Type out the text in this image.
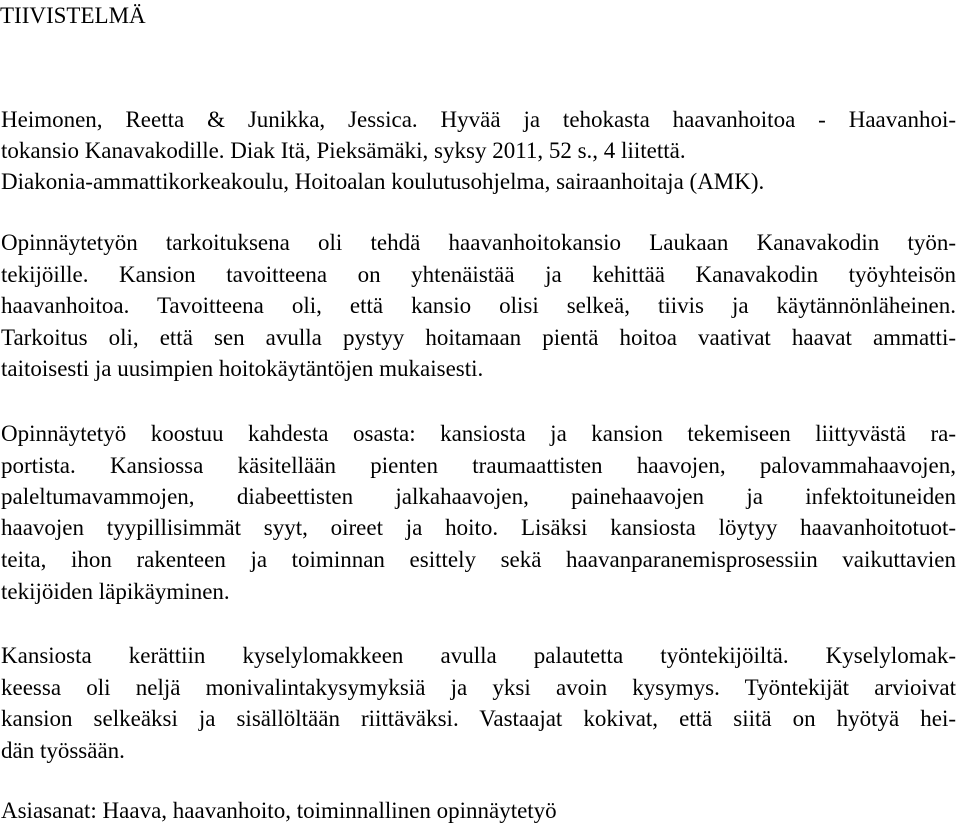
TIIVISTELMÄ

Heimonen, Reetta & Junikka, Jessica. Hyvää ja tehokasta haavanhoitoa - Haavanhoi-

tokansio Kanavakodille. Diak Itä, Pieksämäki, syksy 2011, 52 s., 4 liitettä.

Diakonia-ammattikorkeakoulu, Hoitoalan koulutusohjelma, sairaanhoitaja (AMK).

Opinnäytetyön tarkoituksena oli tehdä haavanhoitokansio Laukaan Kanavakodin työn-

tekijöille. Kansion tavoitteena on yhtenäistää ja kehittää Kanavakodin työyhteisön

haavanhoitoa. Tavoitteena oli, että kansio olisi selkeä, tiivis ja käytännönläheinen.

Tarkoitus oli, että sen avulla pystyy hoitamaan pientä hoitoa vaativat haavat ammatti-

taitoisesti ja uusimpien hoitokäytäntöjen mukaisesti.

Opinnäytetyö koostuu kahdesta osasta: kansiosta ja kansion tekemiseen liittyvästä ra-

portista. Kansiossa käsitellään pienten traumaattisten haavojen, palovammahaavojen,

paleltumavammojen, diabeettisten jalkahaavojen, painehaavojen ja infektoituneiden

haavojen tyypillisimmät syyt, oireet ja hoito. Lisäksi kansiosta löytyy haavanhoitotuot-

teita, ihon rakenteen ja toiminnan esittely sekä haavanparanemisprosessiin vaikuttavien

tekijöiden läpikäyminen.

Kansiosta kerättiin kyselylomakkeen avulla palautetta työntekijöiltä. Kyselylomak-

keessa oli neljä monivalintakysymyksiä ja yksi avoin kysymys. Työntekijät arvioivat

kansion selkeäksi ja sisällöltään riittäväksi. Vastaajat kokivat, että siitä on hyötyä hei-

dän työssään.

Asiasanat: Haava, haavanhoito, toiminnallinen opinnäytetyö
